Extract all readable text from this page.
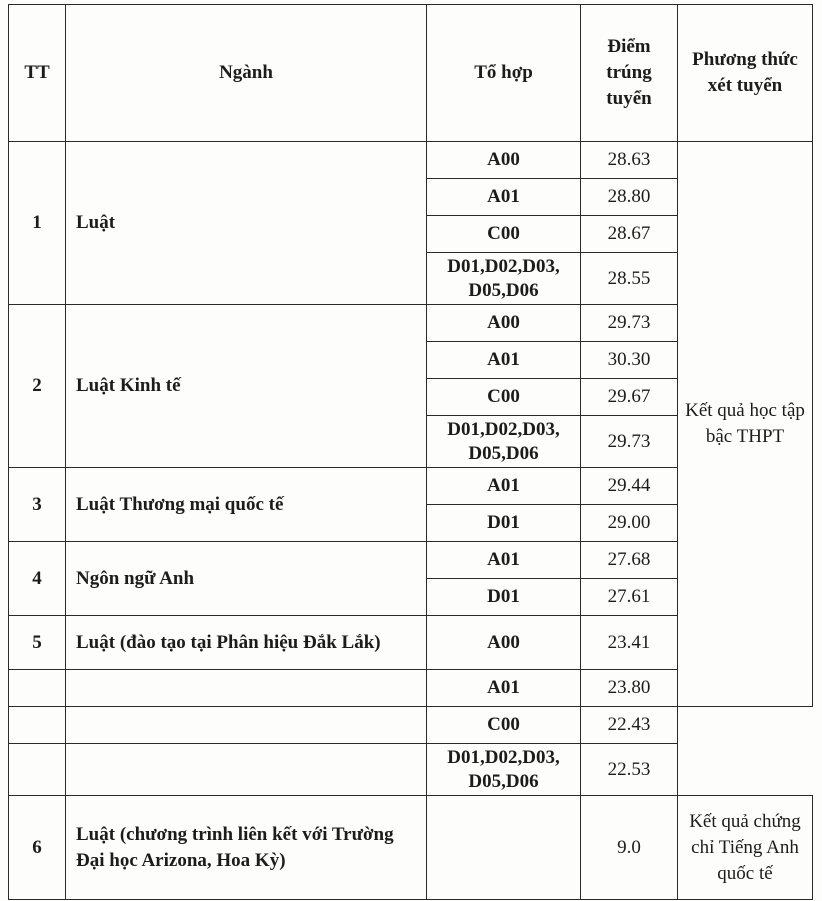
TT	Ngành	Tổ hợp	Điểm trúng tuyển	Phương thức xét tuyển
1	Luật	A00	28.63	Kết quả học tập bậc THPT
		A01	28.80	
		C00	28.67	
		D01,D02,D03, D05,D06	28.55	
2	Luật Kinh tế	A00	29.73	
		A01	30.30	
		C00	29.67	
		D01,D02,D03, D05,D06	29.73	
3	Luật Thương mại quốc tế	A01	29.44	
		D01	29.00	
4	Ngôn ngữ Anh	A01	27.68	
		D01	27.61	
5	Luật (đào tạo tại Phân hiệu Đắk Lắk)	A00	23.41	
		A01	23.80	
		C00	22.43	
		D01,D02,D03, D05,D06	22.53	
6	Luật (chương trình liên kết với Trường Đại học Arizona, Hoa Kỳ)		9.0	Kết quả chứng chỉ Tiếng Anh quốc tế
